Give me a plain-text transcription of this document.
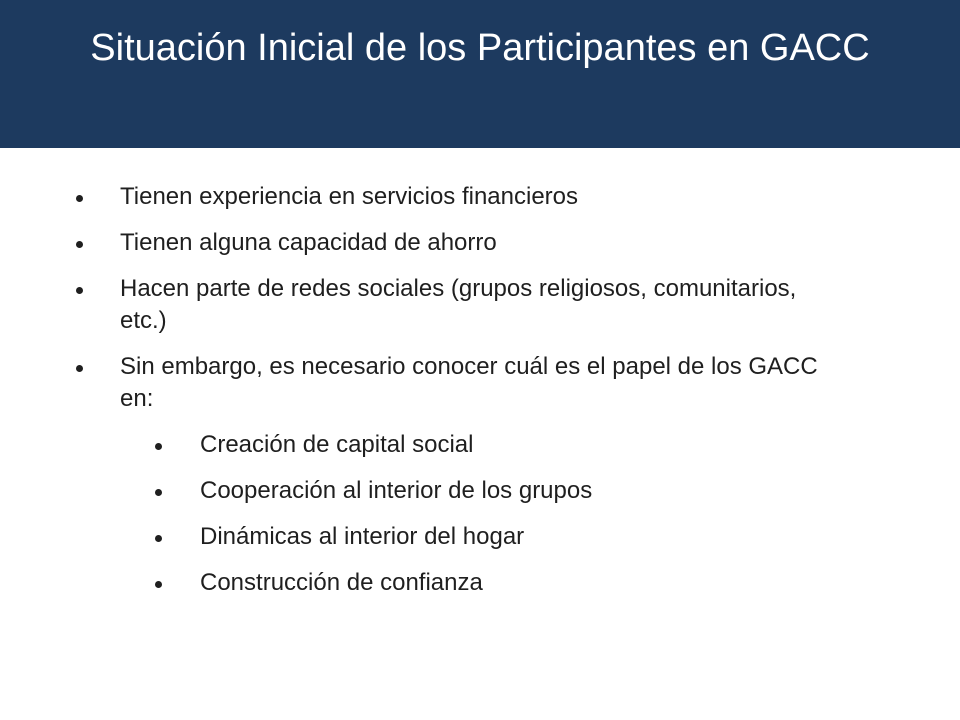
Situación Inicial de los Participantes en GACC
Tienen experiencia en servicios financieros
Tienen alguna capacidad de ahorro
Hacen parte de redes sociales (grupos religiosos, comunitarios, etc.)
Sin embargo, es necesario conocer cuál es el papel de los GACC en:
Creación de capital social
Cooperación al interior de los grupos
Dinámicas al interior del hogar
Construcción de confianza
